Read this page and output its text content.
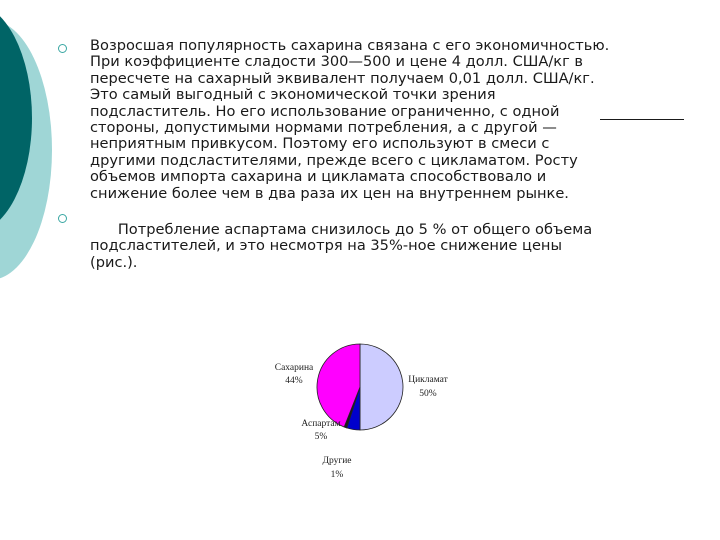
Возросшая популярность сахарина связана с его экономичностью.
При коэффициенте сладости 300—500 и цене 4 долл. США/кг в
пересчете на сахарный эквивалент получаем 0,01 долл. США/кг.
Это самый выгодный с экономической точки зрения
подсластитель. Но его использование ограниченно, с одной
стороны, допустимыми нормами потребления, а с другой —
неприятным привкусом. Поэтому его используют в смеси с
другими подсластителями, прежде всего с цикламатом. Росту
объемов импорта сахарина и цикламата способствовало и
снижение более чем в два раза их цен на внутреннем рынке.
Потребление аспартама снизилось до 5 % от общего объема
подсластителей, и это несмотря на 35%-ное снижение цены
(рис.).
Сахарина
44%	Цикламат
50%
Аспартам
5%
Другие
1%
